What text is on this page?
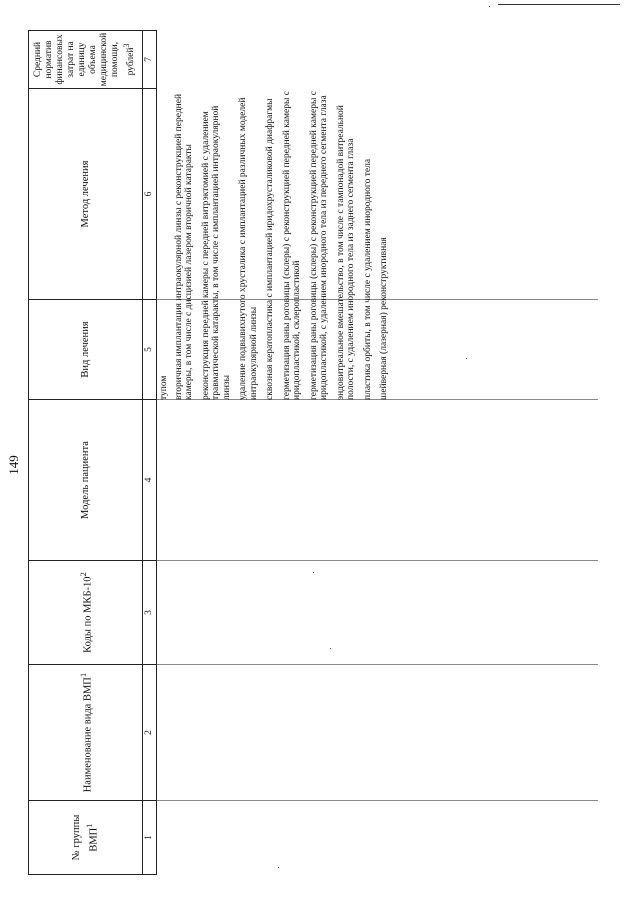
149
№ группы ВМП$^1$
Наименование вида ВМП$^1$
Коды по МКБ-$10^2$
Модель пациента
Вид лечения
Метод лечения
Средний норматив финансовых затрат на единицу объема медицинской помощи, рублей$^3$
1
2
3
4
5
6
7
тупом вторичная имплантация интраокулярной линзы с реконструкцией передней камеры, в том числе с дисцизией лазером вторичной катаракты реконструкция передней камеры с передней витрэктомией с удалением травматической катаракты, в том числе с имплантацией интраокулярной линзы удаление подвывихнутого хрусталика с имплантацией различных моделей интраокулярной линзы сквозная кератопластика с имплантацией иридохрусталиковой диафрагмы герметизация раны роговицы (склеры) с реконструкцией передней камеры с иридопластикой, склеропластикой герметизация раны роговицы (склеры) с реконструкцией передней камеры с иридопластикой, с удалением инородного тела из переднего сегмента глаза эндовитреальное вмешательство, в том числе с тампонадой витреальной полости, с удалением инородного тела из заднего сегмента глаза пластика орбиты, в том числе с удалением инородного тела шейверная (лазерная) реконструктивная
